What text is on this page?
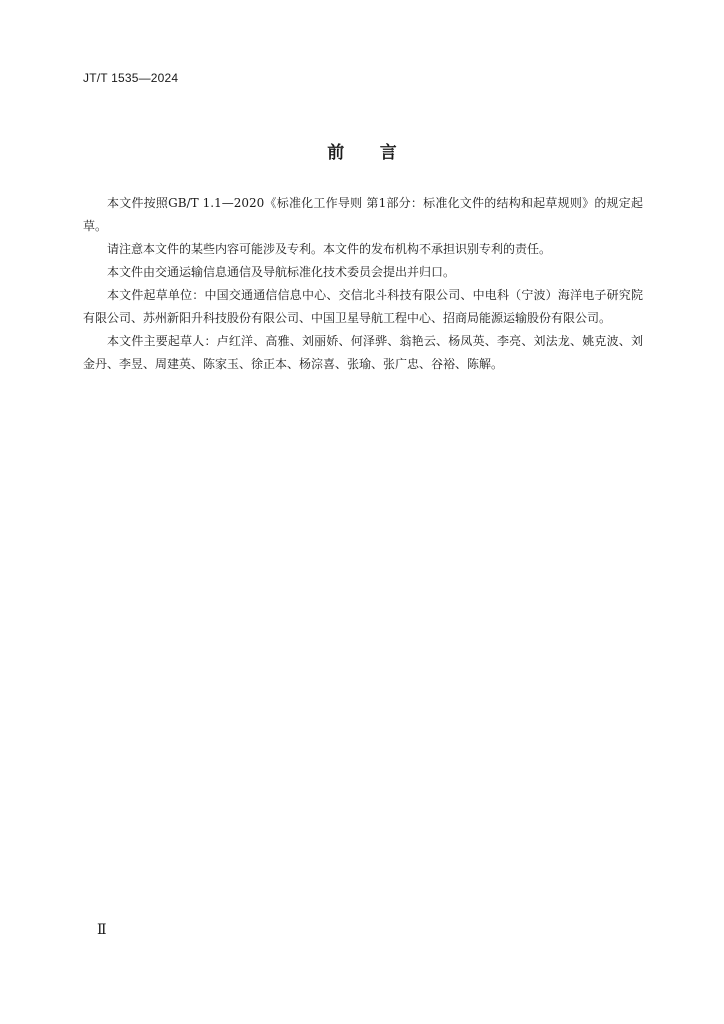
JT/T 1535—2024
前      言

本文件按照GB/T 1.1—2020《标准化工作导则 第1部分：标准化文件的结构和起草规则》的规定起草。

请注意本文件的某些内容可能涉及专利。本文件的发布机构不承担识别专利的责任。

本文件由交通运输信息通信及导航标准化技术委员会提出并归口。

本文件起草单位：中国交通通信信息中心、交信北斗科技有限公司、中电科（宁波）海洋电子研究院有限公司、苏州新阳升科技股份有限公司、中国卫星导航工程中心、招商局能源运输股份有限公司。

本文件主要起草人：卢红洋、高雅、刘丽娇、何泽骅、翁艳云、杨凤英、李亮、刘法龙、姚克波、刘金丹、李昱、周建英、陈家玉、徐正本、杨淙喜、张瑜、张广忠、谷裕、陈解。

Ⅱ
